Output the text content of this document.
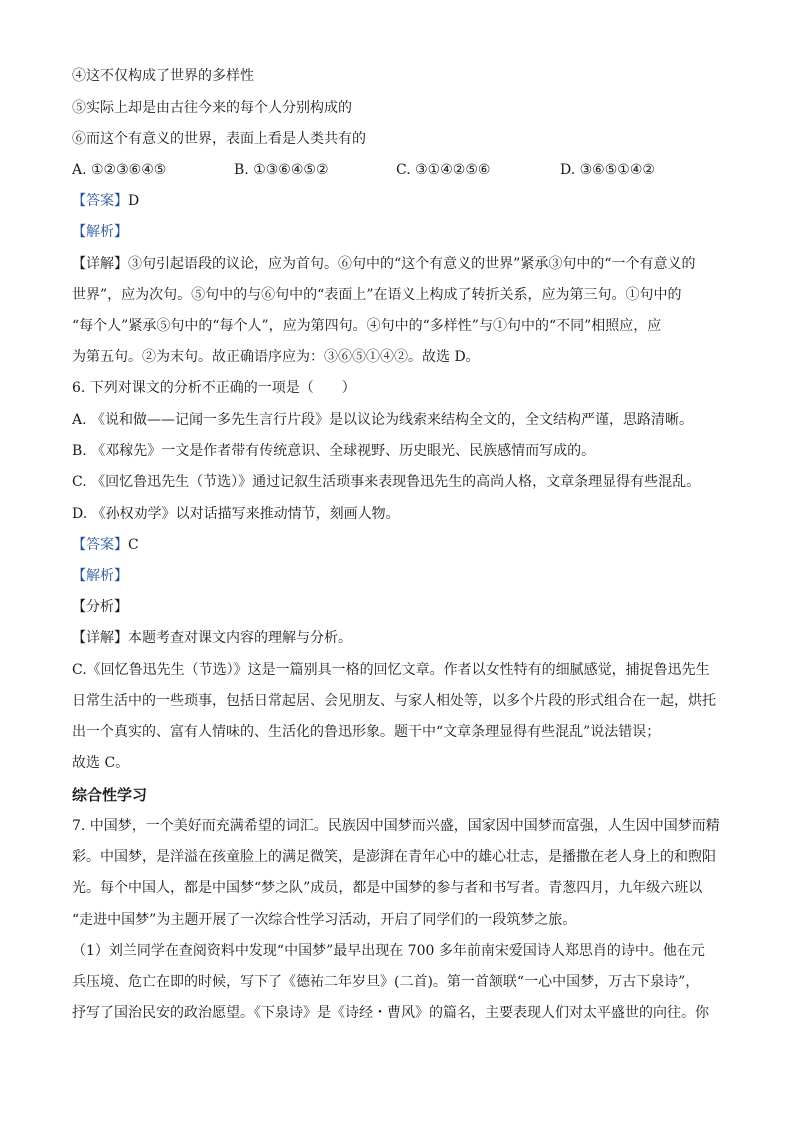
④这不仅构成了世界的多样性
⑤实际上却是由古往今来的每个人分别构成的
⑥而这个有意义的世界，表面上看是人类共有的
A. ①②③⑥④⑤	B. ①③⑥④⑤②	C. ③①④②⑤⑥	D. ③⑥⑤①④②
【答案】D
【解析】
【详解】③句引起语段的议论，应为首句。⑥句中的“这个有意义的世界”紧承③句中的“一个有意义的
世界”，应为次句。⑤句中的与⑥句中的“表面上”在语义上构成了转折关系，应为第三句。①句中的
“每个人”紧承⑤句中的“每个人”，应为第四句。④句中的“多样性”与①句中的“不同”相照应，应
为第五句。②为末句。故正确语序应为：③⑥⑤①④②。故选 D。
6. 下列对课文的分析不正确的一项是（　　）
A. 《说和做——记闻一多先生言行片段》是以议论为线索来结构全文的，全文结构严谨，思路清晰。
B. 《邓稼先》一文是作者带有传统意识、全球视野、历史眼光、民族感情而写成的。
C. 《回忆鲁迅先生（节选）》通过记叙生活琐事来表现鲁迅先生的高尚人格，文章条理显得有些混乱。
D. 《孙权劝学》以对话描写来推动情节，刻画人物。
【答案】C
【解析】
【分析】
【详解】本题考查对课文内容的理解与分析。
C.《回忆鲁迅先生（节选）》这是一篇别具一格的回忆文章。作者以女性特有的细腻感觉，捕捉鲁迅先生
日常生活中的一些琐事，包括日常起居、会见朋友、与家人相处等，以多个片段的形式组合在一起，烘托
出一个真实的、富有人情味的、生活化的鲁迅形象。题干中“文章条理显得有些混乱”说法错误；
故选 C。
综合性学习
7. 中国梦，一个美好而充满希望的词汇。民族因中国梦而兴盛，国家因中国梦而富强，人生因中国梦而精
彩。中国梦，是洋溢在孩童脸上的满足微笑，是澎湃在青年心中的雄心壮志，是播撒在老人身上的和煦阳
光。每个中国人，都是中国梦“梦之队”成员，都是中国梦的参与者和书写者。青葱四月，九年级六班以
“走进中国梦”为主题开展了一次综合性学习活动，开启了同学们的一段筑梦之旅。
（1）刘兰同学在查阅资料中发现“中国梦”最早出现在 700 多年前南宋爱国诗人郑思肖的诗中。他在元
兵压境、危亡在即的时候，写下了《德祐二年岁旦》(二首)。第一首颔联“一心中国梦，万古下泉诗”，
抒写了国治民安的政治愿望。《下泉诗》是《诗经・曹风》的篇名，主要表现人们对太平盛世的向往。你
